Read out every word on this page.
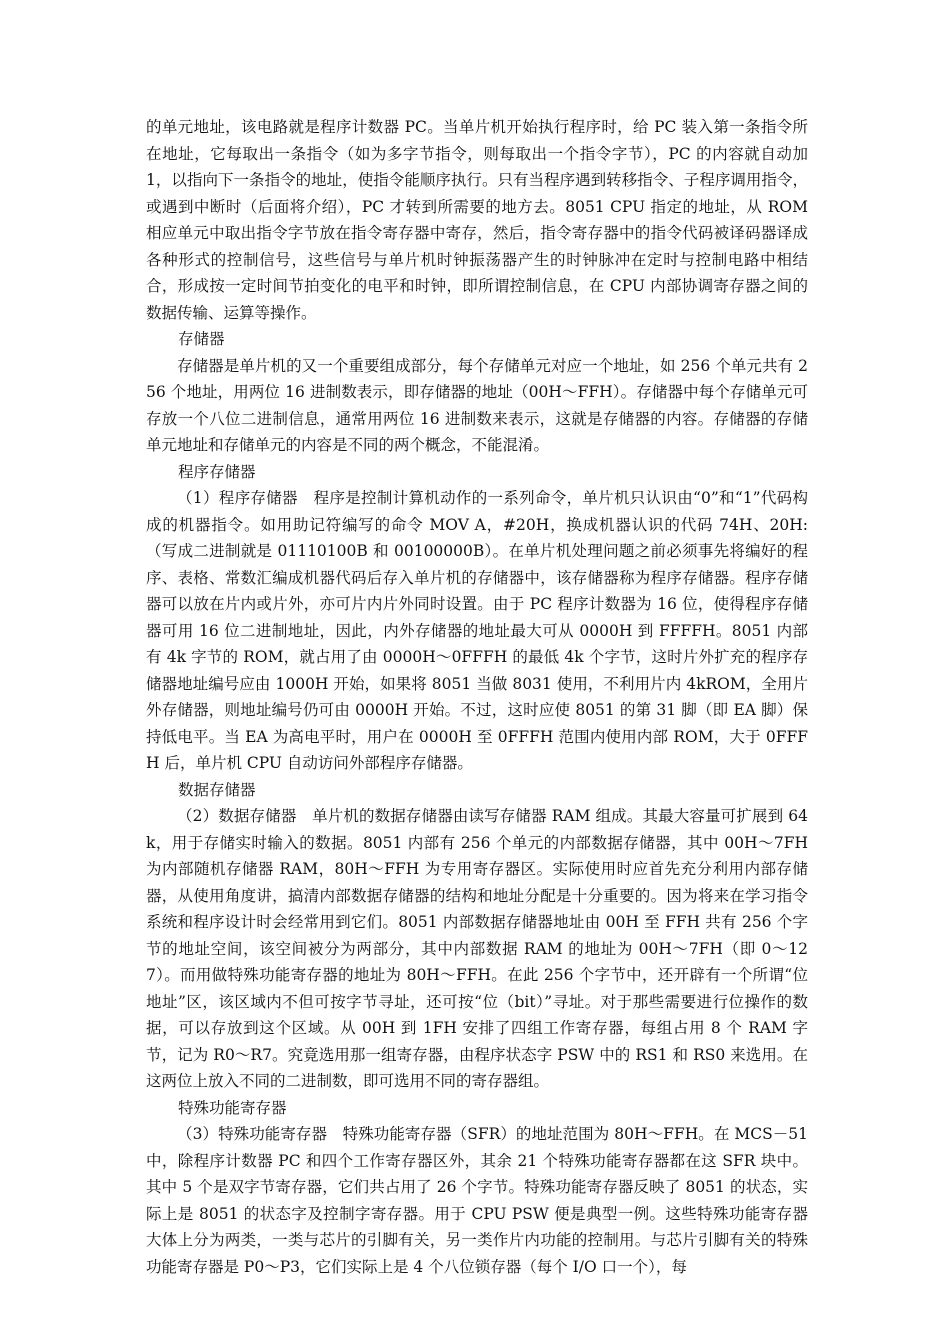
的单元地址，该电路就是程序计数器 PC。当单片机开始执行程序时，给 PC 装入第一条指令所在地址，它每取出一条指令（如为多字节指令，则每取出一个指令字节），PC 的内容就自动加 1，以指向下一条指令的地址，使指令能顺序执行。只有当程序遇到转移指令、子程序调用指令，或遇到中断时（后面将介绍），PC 才转到所需要的地方去。8051 CPU 指定的地址，从 ROM 相应单元中取出指令字节放在指令寄存器中寄存，然后，指令寄存器中的指令代码被译码器译成各种形式的控制信号，这些信号与单片机时钟振荡器产生的时钟脉冲在定时与控制电路中相结合，形成按一定时间节拍变化的电平和时钟，即所谓控制信息，在 CPU 内部协调寄存器之间的数据传输、运算等操作。

存储器

存储器是单片机的又一个重要组成部分，每个存储单元对应一个地址，如 256 个单元共有 256 个地址，用两位 16 进制数表示，即存储器的地址（00H～FFH）。存储器中每个存储单元可存放一个八位二进制信息，通常用两位 16 进制数来表示，这就是存储器的内容。存储器的存储单元地址和存储单元的内容是不同的两个概念，不能混淆。

程序存储器

（1）程序存储器　程序是控制计算机动作的一系列命令，单片机只认识由“0”和“1”代码构成的机器指令。如用助记符编写的命令 MOV A，#20H，换成机器认识的代码 74H、20H:（写成二进制就是 01110100B 和 00100000B）。在单片机处理问题之前必须事先将编好的程序、表格、常数汇编成机器代码后存入单片机的存储器中，该存储器称为程序存储器。程序存储器可以放在片内或片外，亦可片内片外同时设置。由于 PC 程序计数器为 16 位，使得程序存储器可用 16 位二进制地址，因此，内外存储器的地址最大可从 0000H 到 FFFFH。8051 内部有 4k 字节的 ROM，就占用了由 0000H～0FFFH 的最低 4k 个字节，这时片外扩充的程序存储器地址编号应由 1000H 开始，如果将 8051 当做 8031 使用，不利用片内 4kROM，全用片外存储器，则地址编号仍可由 0000H 开始。不过，这时应使 8051 的第 31 脚（即 EA 脚）保持低电平。当 EA 为高电平时，用户在 0000H 至 0FFFH 范围内使用内部 ROM，大于 0FFFH 后，单片机 CPU 自动访问外部程序存储器。

数据存储器

（2）数据存储器　单片机的数据存储器由读写存储器 RAM 组成。其最大容量可扩展到 64k，用于存储实时输入的数据。8051 内部有 256 个单元的内部数据存储器，其中 00H～7FH 为内部随机存储器 RAM，80H～FFH 为专用寄存器区。实际使用时应首先充分利用内部存储器，从使用角度讲，搞清内部数据存储器的结构和地址分配是十分重要的。因为将来在学习指令系统和程序设计时会经常用到它们。8051 内部数据存储器地址由 00H 至 FFH 共有 256 个字节的地址空间，该空间被分为两部分，其中内部数据 RAM 的地址为 00H～7FH（即 0～127）。而用做特殊功能寄存器的地址为 80H～FFH。在此 256 个字节中，还开辟有一个所谓“位地址”区，该区域内不但可按字节寻址，还可按“位（bit）”寻址。对于那些需要进行位操作的数据，可以存放到这个区域。从 00H 到 1FH 安排了四组工作寄存器，每组占用 8 个 RAM 字节，记为 R0～R7。究竟选用那一组寄存器，由程序状态字 PSW 中的 RS1 和 RS0 来选用。在这两位上放入不同的二进制数，即可选用不同的寄存器组。

特殊功能寄存器

（3）特殊功能寄存器　特殊功能寄存器（SFR）的地址范围为 80H～FFH。在 MCS－51 中，除程序计数器 PC 和四个工作寄存器区外，其余 21 个特殊功能寄存器都在这 SFR 块中。其中 5 个是双字节寄存器，它们共占用了 26 个字节。特殊功能寄存器反映了 8051 的状态，实际上是 8051 的状态字及控制字寄存器。用于 CPU PSW 便是典型一例。这些特殊功能寄存器大体上分为两类，一类与芯片的引脚有关，另一类作片内功能的控制用。与芯片引脚有关的特殊功能寄存器是 P0～P3，它们实际上是 4 个八位锁存器（每个 I/O 口一个），每
